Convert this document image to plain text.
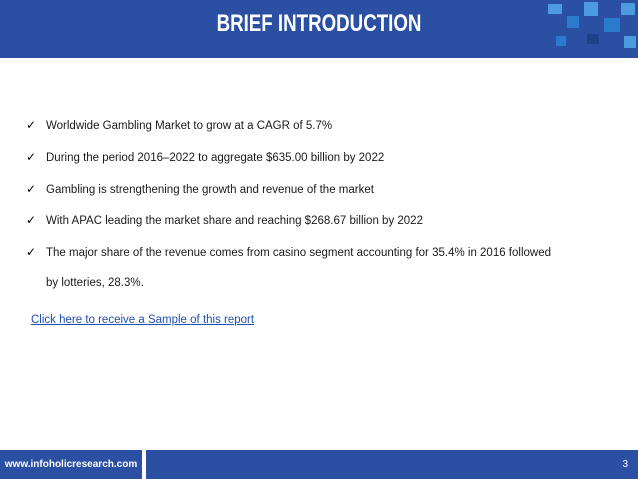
BRIEF INTRODUCTION
✓ Worldwide Gambling Market to grow at a CAGR of 5.7%
✓ During the period 2016–2022 to aggregate $635.00 billion by 2022
✓ Gambling is strengthening the growth and revenue of the market
✓ With APAC leading the market share and reaching $268.67 billion by 2022
✓ The major share of the revenue comes from casino segment accounting for 35.4% in 2016 followed
by lotteries, 28.3%.
Click here to receive a Sample of this report
www.infoholicresearch.com	3
